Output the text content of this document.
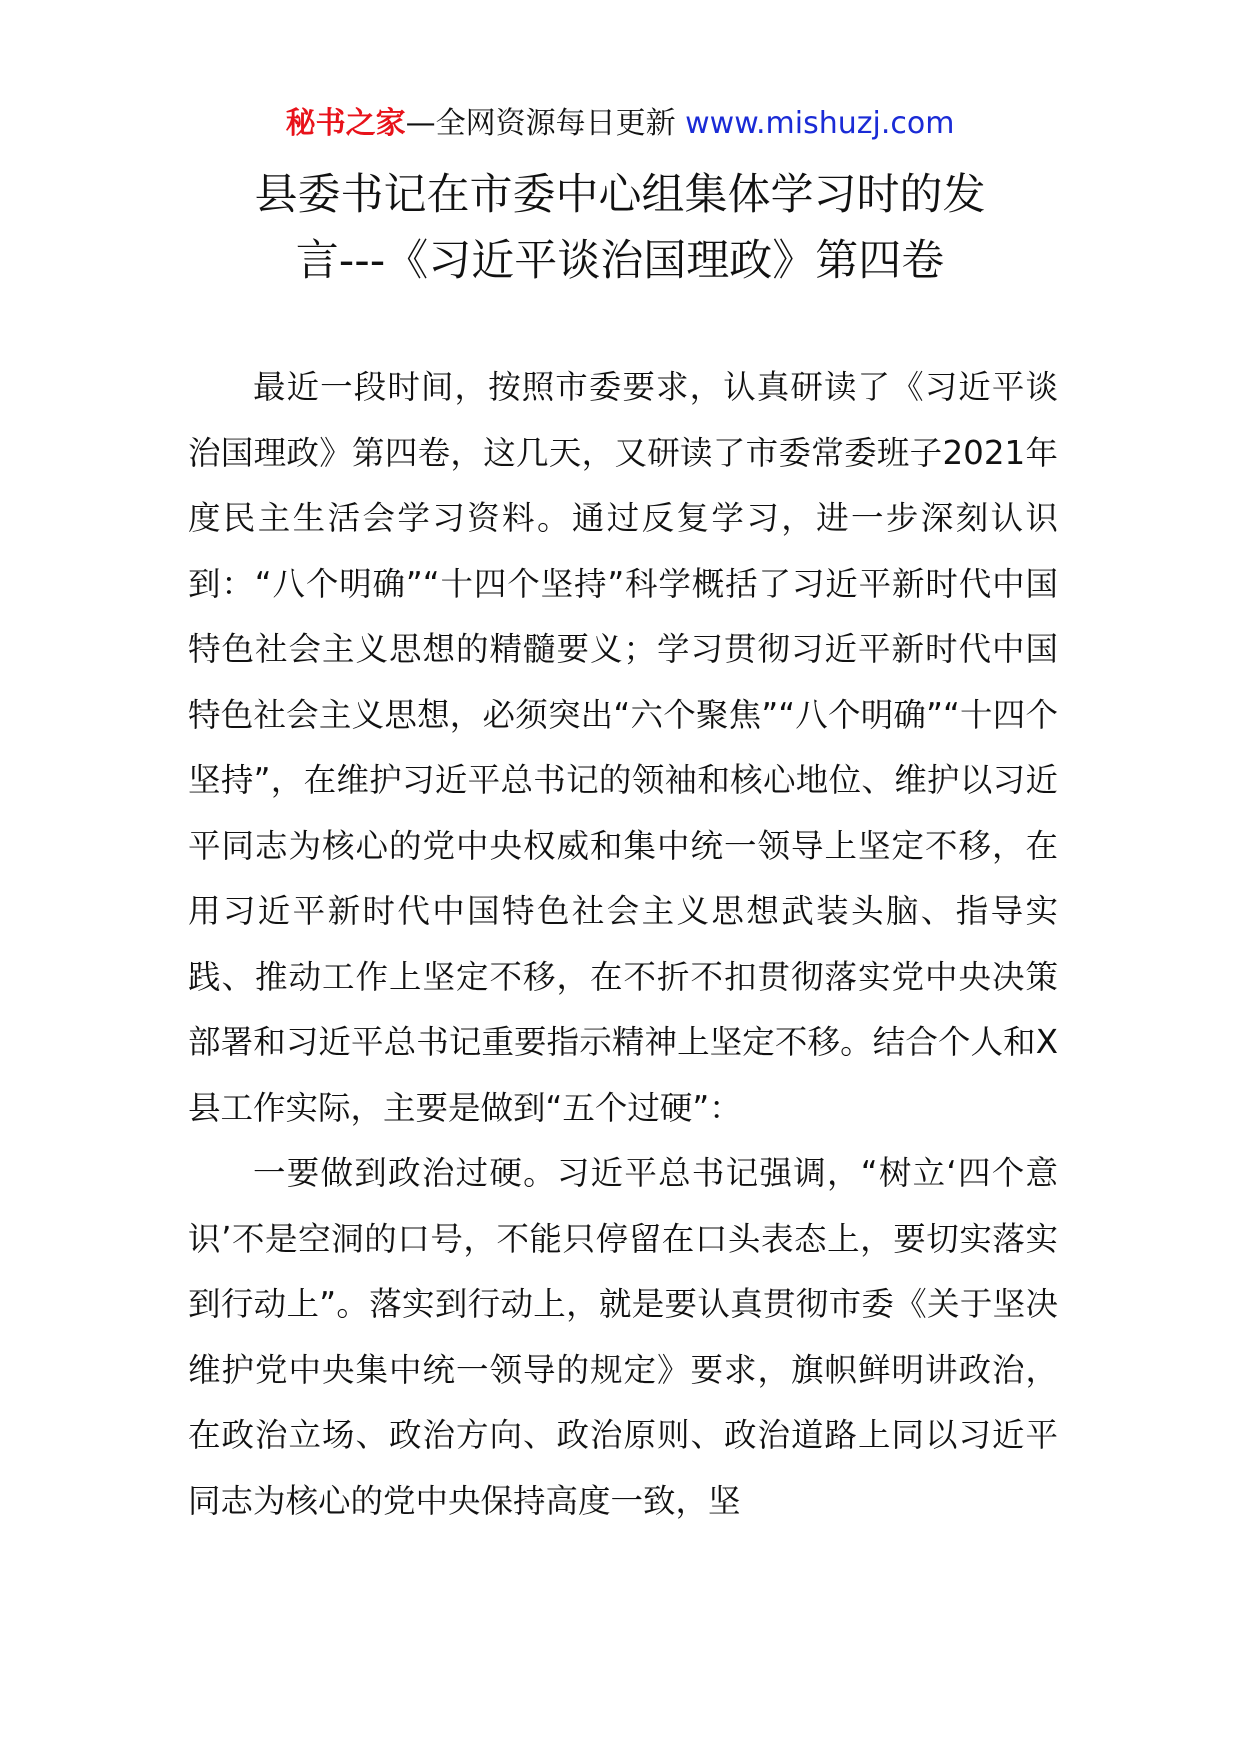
秘书之家—全网资源每日更新 www.mishuzj.com
县委书记在市委中心组集体学习时的发
言---《习近平谈治国理政》第四卷

最近一段时间，按照市委要求，认真研读了《习近平谈治国理政》第四卷，这几天，又研读了市委常委班子2021年度民主生活会学习资料。通过反复学习，进一步深刻认识到：“八个明确”“十四个坚持”科学概括了习近平新时代中国特色社会主义思想的精髓要义；学习贯彻习近平新时代中国特色社会主义思想，必须突出“六个聚焦”“八个明确”“十四个坚持”，在维护习近平总书记的领袖和核心地位、维护以习近平同志为核心的党中央权威和集中统一领导上坚定不移，在用习近平新时代中国特色社会主义思想武装头脑、指导实践、推动工作上坚定不移，在不折不扣贯彻落实党中央决策部署和习近平总书记重要指示精神上坚定不移。结合个人和X县工作实际，主要是做到“五个过硬”：

一要做到政治过硬。习近平总书记强调，“树立‘四个意识’不是空洞的口号，不能只停留在口头表态上，要切实落实到行动上”。落实到行动上，就是要认真贯彻市委《关于坚决维护党中央集中统一领导的规定》要求，旗帜鲜明讲政治，在政治立场、政治方向、政治原则、政治道路上同以习近平同志为核心的党中央保持高度一致，坚
